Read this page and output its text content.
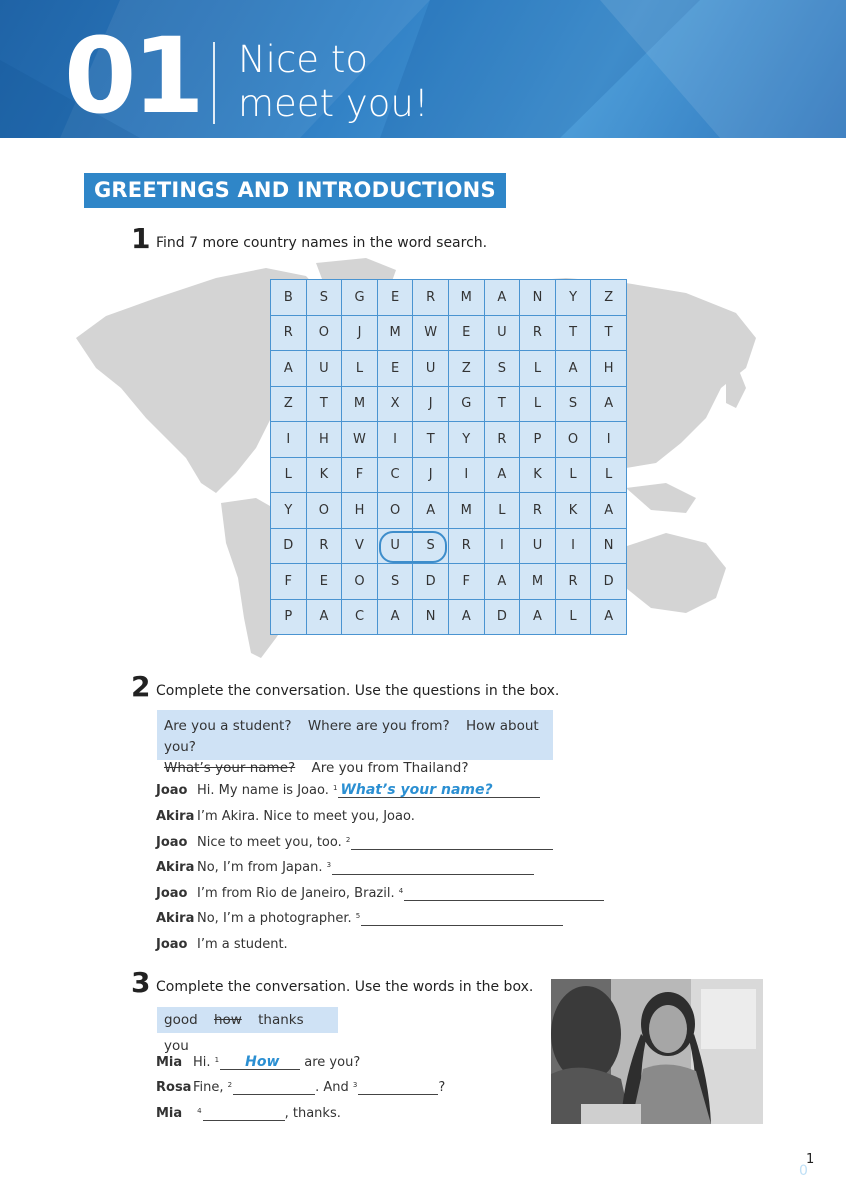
01 Nice to
meet you!
GREETINGS AND INTRODUCTIONS
1 Find 7 more country names in the word search.
B	S	G	E	R	M	A	N	Y	Z
R	O	J	M	W	E	U	R	T	T
A	U	L	E	U	Z	S	L	A	H
Z	T	M	X	J	G	T	L	S	A
I	H	W	I	T	Y	R	P	O	I
L	K	F	C	J	I	A	K	L	L
Y	O	H	O	A	M	L	R	K	A
D	R	V	U	S	R	I	U	I	N
F	E	O	S	D	F	A	M	R	D
P	A	C	A	N	A	D	A	L	A
2 Complete the conversation. Use the questions in the box.
Are you a student? Where are you from? How about you?
What’s your name? Are you from Thailand?
Joao Hi. My name is Joao. $^1$ What’s your name?
Akira I’m Akira. Nice to meet you, Joao.
Joao Nice to meet you, too. $^2$
Akira No, I’m from Japan. $^3$
Joao I’m from Rio de Janeiro, Brazil. $^4$
Akira No, I’m a photographer. $^5$
Joao I’m a student.
3 Complete the conversation. Use the words in the box.
good how thanks you
Mia Hi. $^1$ How are you?
Rosa Fine, $^2$	. And $^3$	?
Mia $^4$	, thanks.
1
0
